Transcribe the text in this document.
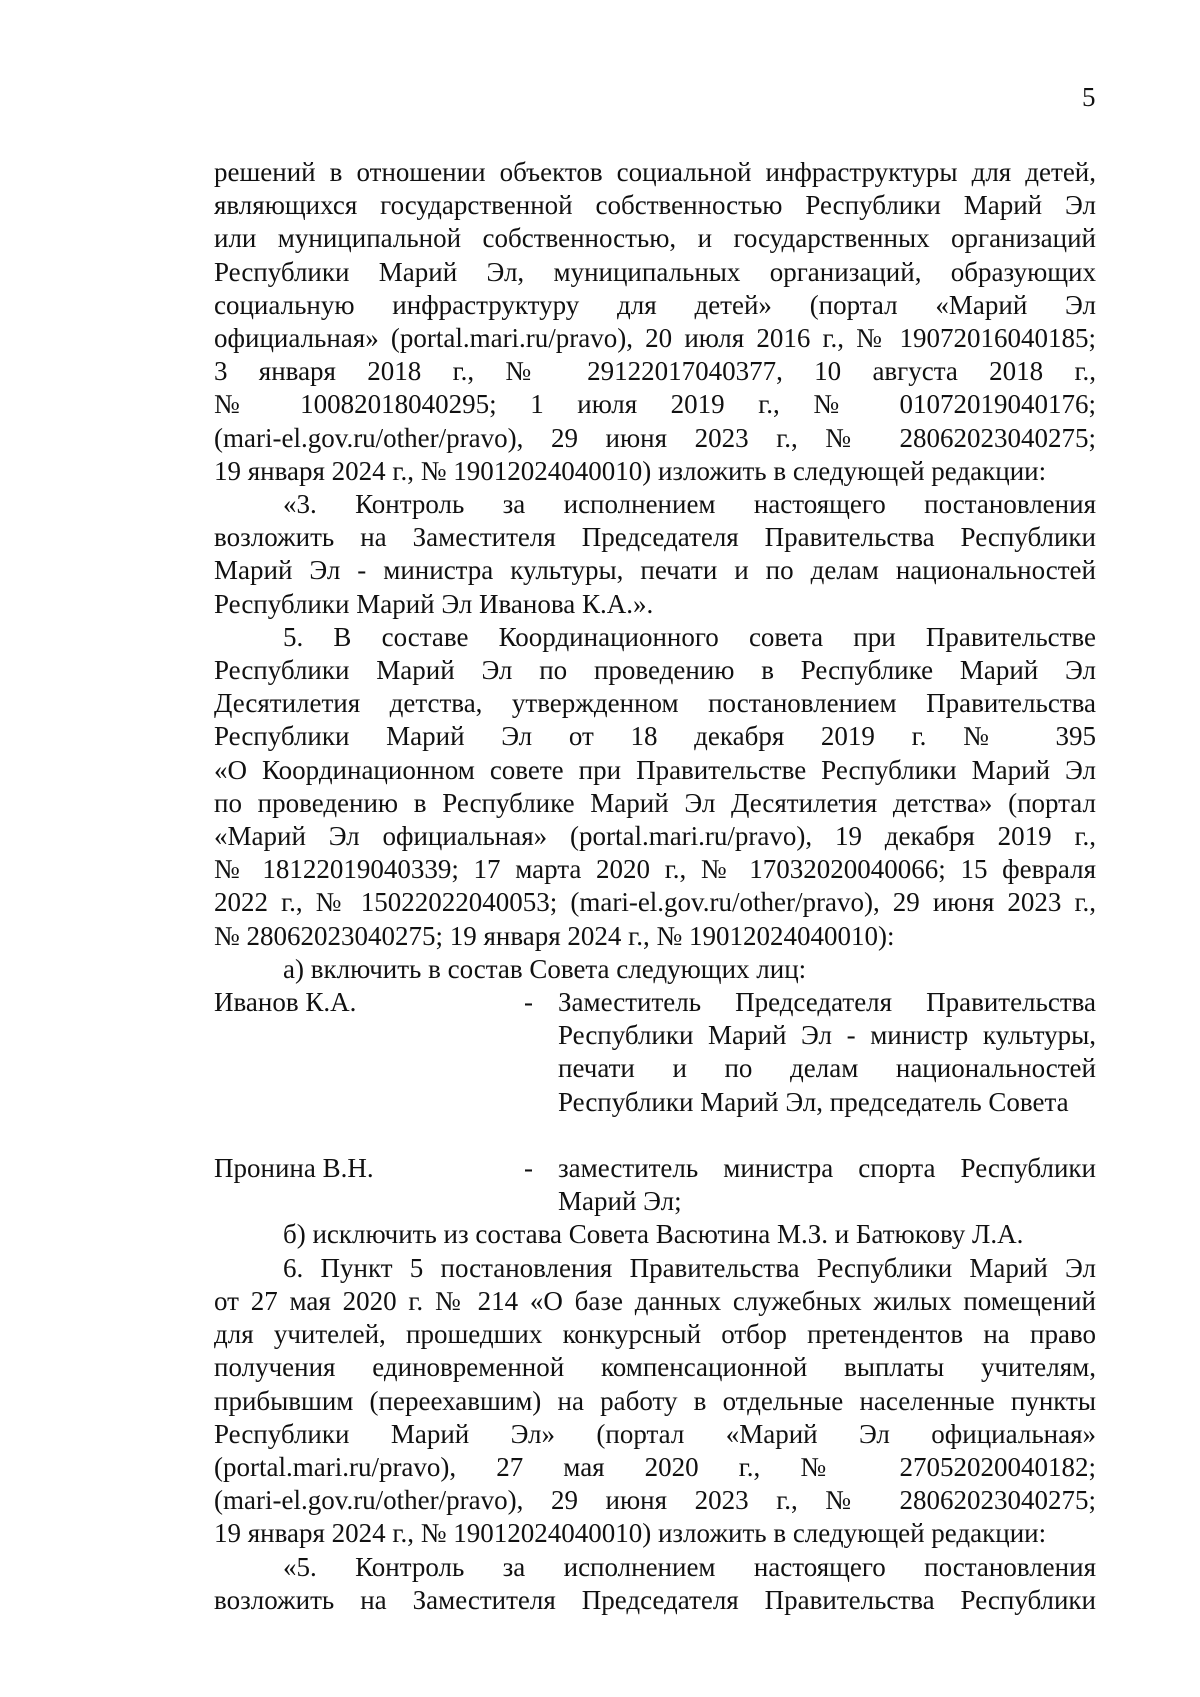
5

решений в отношении объектов социальной инфраструктуры для детей,
являющихся государственной собственностью Республики Марий Эл
или муниципальной собственностью, и государственных организаций
Республики Марий Эл, муниципальных организаций, образующих
социальную инфраструктуру для детей» (портал «Марий Эл
официальная» (portal.mari.ru/pravo), 20 июля 2016 г., № 19072016040185;
3 января 2018 г., № 29122017040377, 10 августа 2018 г.,
№ 10082018040295; 1 июля 2019 г., № 01072019040176;
(mari-el.gov.ru/other/pravo), 29 июня 2023 г., № 28062023040275;
19 января 2024 г., № 19012024040010) изложить в следующей редакции:

«3. Контроль за исполнением настоящего постановления
возложить на Заместителя Председателя Правительства Республики
Марий Эл - министра культуры, печати и по делам национальностей
Республики Марий Эл Иванова К.А.».

5. В составе Координационного совета при Правительстве
Республики Марий Эл по проведению в Республике Марий Эл
Десятилетия детства, утвержденном постановлением Правительства
Республики Марий Эл от 18 декабря 2019 г. № 395
«О Координационном совете при Правительстве Республики Марий Эл
по проведению в Республике Марий Эл Десятилетия детства» (портал
«Марий Эл официальная» (portal.mari.ru/pravo), 19 декабря 2019 г.,
№ 18122019040339; 17 марта 2020 г., № 17032020040066; 15 февраля
2022 г., № 15022022040053; (mari-el.gov.ru/other/pravo), 29 июня 2023 г.,
№ 28062023040275; 19 января 2024 г., № 19012024040010):

а) включить в состав Совета следующих лиц:

Иванов К.А.	- Заместитель Председателя Правительства
Республики Марий Эл - министр культуры,
печати и по делам национальностей
Республики Марий Эл, председатель Совета
Пронина В.Н.	- заместитель министра спорта Республики
Марий Эл;

б) исключить из состава Совета Васютина М.З. и Батюкову Л.А.

6. Пункт 5 постановления Правительства Республики Марий Эл
от 27 мая 2020 г. № 214 «О базе данных служебных жилых помещений
для учителей, прошедших конкурсный отбор претендентов на право
получения единовременной компенсационной выплаты учителям,
прибывшим (переехавшим) на работу в отдельные населенные пункты
Республики Марий Эл» (портал «Марий Эл официальная»
(portal.mari.ru/pravo), 27 мая 2020 г., № 27052020040182;
(mari-el.gov.ru/other/pravo), 29 июня 2023 г., № 28062023040275;
19 января 2024 г., № 19012024040010) изложить в следующей редакции:

«5. Контроль за исполнением настоящего постановления
возложить на Заместителя Председателя Правительства Республики
